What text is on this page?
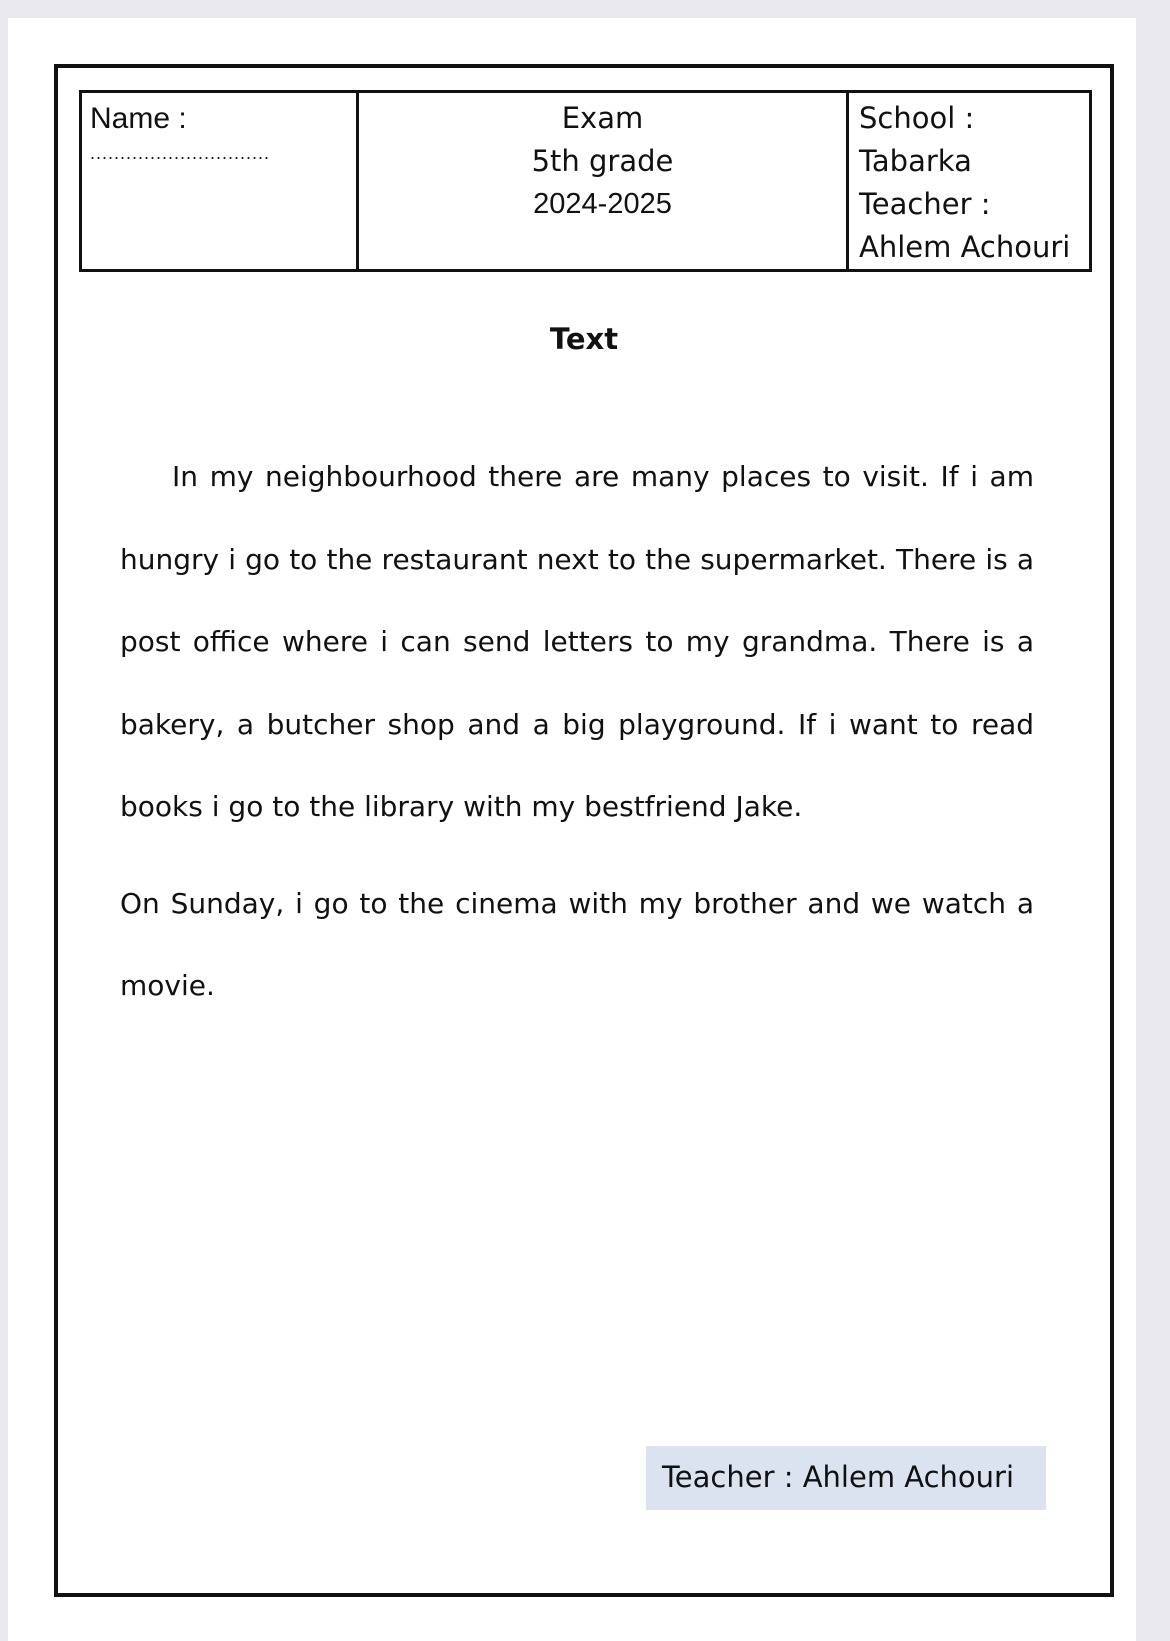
Name :
..............................

Exam
5th grade
2024-2025

School :
Tabarka
Teacher :
Ahlem Achouri
Text

In my neighbourhood there are many places to visit. If i am hungry i go to the restaurant next to the supermarket. There is a post office where i can send letters to my grandma. There is a bakery, a butcher shop and a big playground. If i want to read books i go to the library with my bestfriend Jake.

On Sunday, i go to the cinema with my brother and we watch a movie.

Teacher : Ahlem Achouri
